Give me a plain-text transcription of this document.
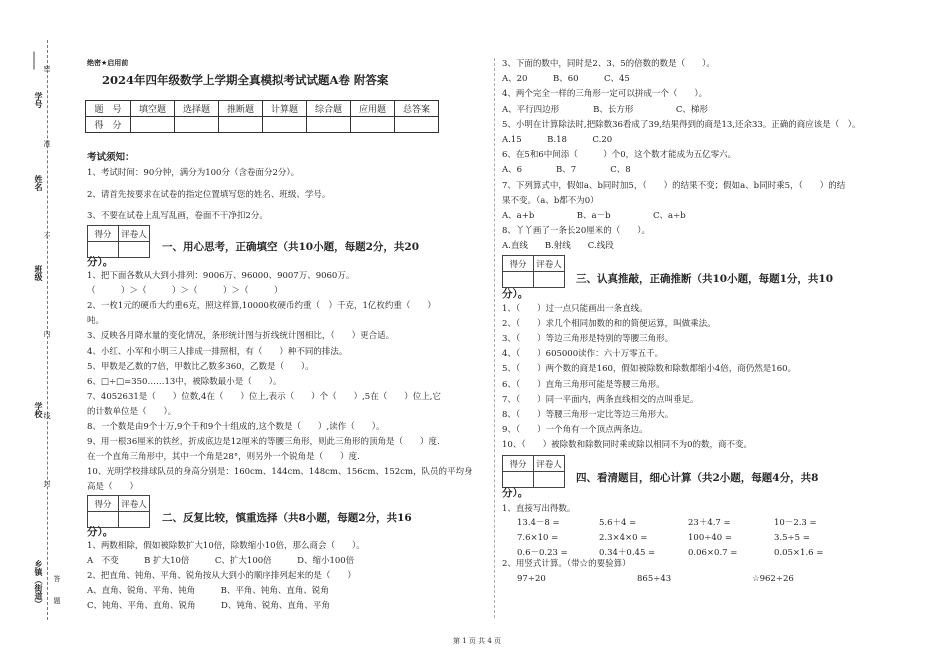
学号
姓名
班级
学校
乡镇（街道）
密
封
线
内
不
准
答
题
绝密★启用前
2024年四年级数学上学期全真模拟考试试题A卷 附答案
题　号	填空题	选择题	推断题	计算题	综合题	应用题	总答案
得　分							
考试须知：
1、考试时间：90分钟，满分为100分（含卷面分2分）。
2、请首先按要求在试卷的指定位置填写您的姓名、班级、学号。
3、不要在试卷上乱写乱画，卷面不干净扣2分。
得分	评卷人

一、用心思考，正确填空（共10小题，每题2分，共20
分）。
1、把下面各数从大到小排列：9006万、96000、9007万、9060万。
（　　　）＞（　　　）＞（　　　）＞（　　　）
2、一枚1元的硬币大约重6克，照这样算,10000枚硬币约重（　）千克，1亿枚约重（　　）
吨。
3、反映各月降水量的变化情况，条形统计图与折线统计图相比，（　　）更合适。
4、小红、小军和小明三人排成一排照相，有（　　）种不同的排法。
5、甲数是乙数的7倍，甲数比乙数多360，乙数是（　　）。
6、□÷□=350……13中，被除数最小是（　　）。
7、4052631是（　　）位数,4在（　　）位上,表示（　　）个（　　）,5在（　　）位上,它
的计数单位是（　　）。
8、一个数是由9个十万,9个千和9个十组成的,这个数是（　　）,读作（　　）。
9、用一根36厘米的铁丝，折成底边是12厘米的等腰三角形，则此三角形的顶角是（　　）度.
在一个直角三角形中，其中一个角是28°，则另外一个锐角是（　　）度.
10、光明学校排球队员的身高分别是：160cm、144cm、148cm、156cm、152cm，队员的平均身
高是（　　）
得分	评卷人

二、反复比较，慎重选择（共8小题，每题2分，共16
分）。
1、两数相除，假如被除数扩大10倍，除数缩小10倍，那么商会（　　）。
A　不变　　　B 扩大10倍　　　C、扩大100倍　　　D、缩小100倍
2、把直角、钝角、平角、锐角按从大到小的顺序排列起来的是（　　）
A、直角、锐角、平角、钝角　　　B、平角、钝角、直角、锐角
C、钝角、平角、直角、锐角　　　D、钝角、锐角、直角、平角
3、下面的数中，同时是2、3、5的倍数的数是（　　）。
A、20　　　B、60　　　C、45
4、两个完全一样的三角形一定可以拼成一个（　　）。
A、平行四边形　　　　B、长方形　　　　　C、梯形
5、小明在计算除法时,把除数36看成了39,结果得到的商是13,还余33。正确的商应该是（　）。
A.15　　　B.18　　　C.20
6、在5和6中间添（　　　）个0，这个数才能成为五亿零六。
A、6　　　　B、7　　　　C、8
7、下列算式中，假如a、b同时加5，（　　）的结果不变；假如a、b同时乘5，（　　）的结
果不变。（a、b都不为0）
A、a+b　　　　　B、a－b　　　　　C、a÷b
8、丫丫画了一条长20厘米的（　　）。
A.直线　　B.射线　　C.线段
得分	评卷人

三、认真推敲，正确推断（共10小题，每题1分，共10
分）。
1、（　　）过一点只能画出一条直线。
2、（　　）求几个相同加数的和的简便运算，叫做乘法。
3、（　　）等边三角形是特别的等腰三角形。
4、（　　）605000读作：六十万零五千。
5、（　　）两个数的商是160，假如被除数和除数都缩小4倍，商仍然是160。
6、（　　）直角三角形可能是等腰三角形。
7、（　　）同一平面内，两条直线相交的点叫垂足。
8、（　　）等腰三角形一定比等边三角形大。
9、（　　）一个角有一个顶点两条边。
10、（　　）被除数和除数同时乘或除以相同不为0的数，商不变。
得分	评卷人

四、看清题目，细心计算（共2小题，每题4分，共8
分）。
1、直接写出得数。
13.4－8 =	5.6＋4 =	23＋4.7 =	10－2.3 =
7.6×10 =	2.3×4×0 =	100÷40 =	3.5÷5 =
0.6－0.23 =	0.34＋0.45 =	0.06×0.7 =	0.05×1.6 =
2、用竖式计算。（带☆的要验算）
97÷20	865÷43	☆962÷26
第 1 页 共 4 页
